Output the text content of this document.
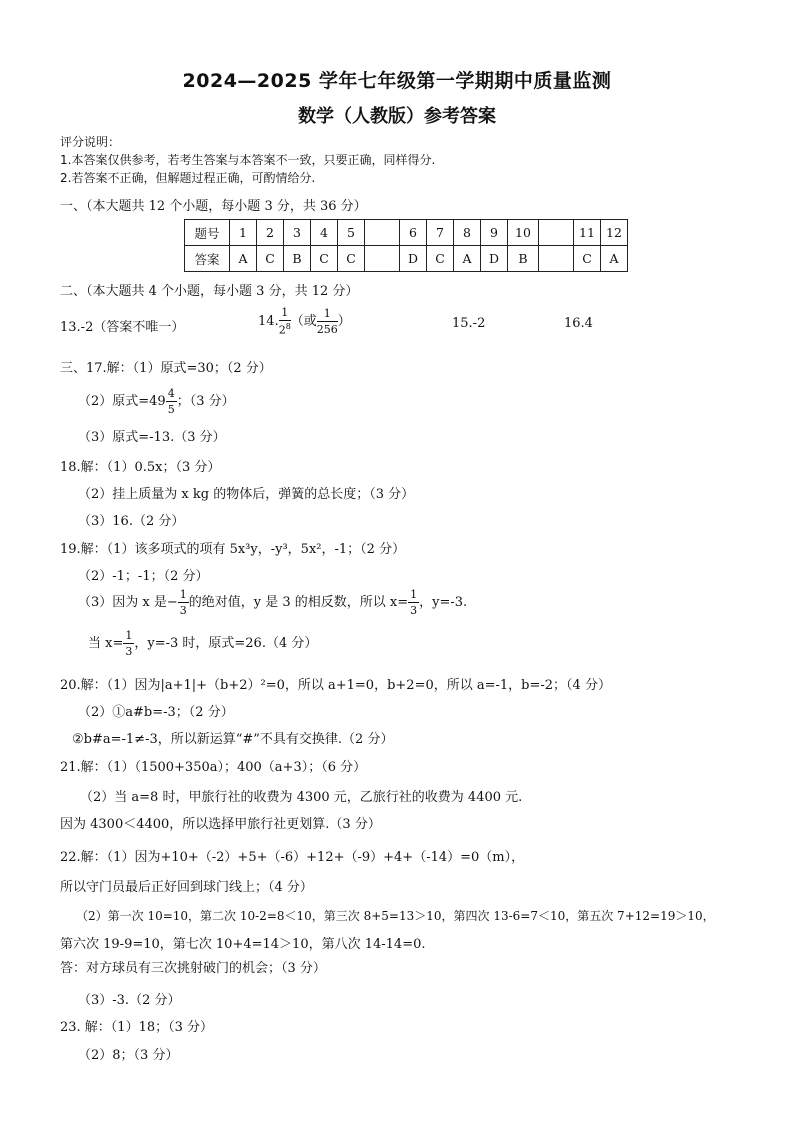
2024—2025 学年七年级第一学期期中质量监测
数学（人教版）参考答案
评分说明：
1.本答案仅供参考，若考生答案与本答案不一致，只要正确，同样得分.
2.若答案不正确，但解题过程正确，可酌情给分.
一、（本大题共 12 个小题，每小题 3 分，共 36 分）
题号	1	2	3	4	5		6	7	8	9	10		11	12
答案	A	C	B	C	C		D	C	A	D	B		C	A
二、（本大题共 4 个小题，每小题 3 分，共 12 分）
13.-2（答案不唯一）	14. $\frac{1}{2^8}$ （或 $\frac{1}{256}$ ）	15.-2	16.4
三、17.解：（1）原式=30；（2 分）
（2）原式$=49 \frac{4}{5}$ ；（3 分）
（3）原式=-13.（3 分）
18.解：（1）0.5x；（3 分）
（2）挂上质量为 x kg 的物体后，弹簧的总长度；（3 分）
（3）16.（2 分）
19.解：（1）该多项式的项有 5x³y，-y³，5x²，-1；（2 分）
（2）-1；-1；（2 分）
（3）因为 x 是− $\frac{1}{3}$ 的绝对值，y 是 3 的相反数，所以 $x= \frac{1}{3}$ ，y=-3.
当 $x= \frac{1}{3}$ ，y=-3 时，原式=26.（4 分）
20.解：（1）因为|a+1|+（b+2）²=0，所以 a+1=0，b+2=0，所以 a=-1，b=-2；（4 分）
（2）①a#b=-3；（2 分）
②b#a=-1≠-3，所以新运算“#”不具有交换律.（2 分）
21.解：（1）（1500+350a）；400（a+3）；（6 分）
（2）当 a=8 时，甲旅行社的收费为 4300 元，乙旅行社的收费为 4400 元.
因为 4300＜4400，所以选择甲旅行社更划算.（3 分）
22.解：（1）因为+10+（-2）+5+（-6）+12+（-9）+4+（-14）=0（m），
所以守门员最后正好回到球门线上；（4 分）
（2）第一次 10=10，第二次 10-2=8＜10，第三次 8+5=13＞10，第四次 13-6=7＜10，第五次 7+12=19＞10，
第六次 19-9=10，第七次 10+4=14＞10，第八次 14-14=0.
答：对方球员有三次挑射破门的机会；（3 分）
（3）-3.（2 分）
23. 解：（1）18；（3 分）
（2）8；（3 分）
